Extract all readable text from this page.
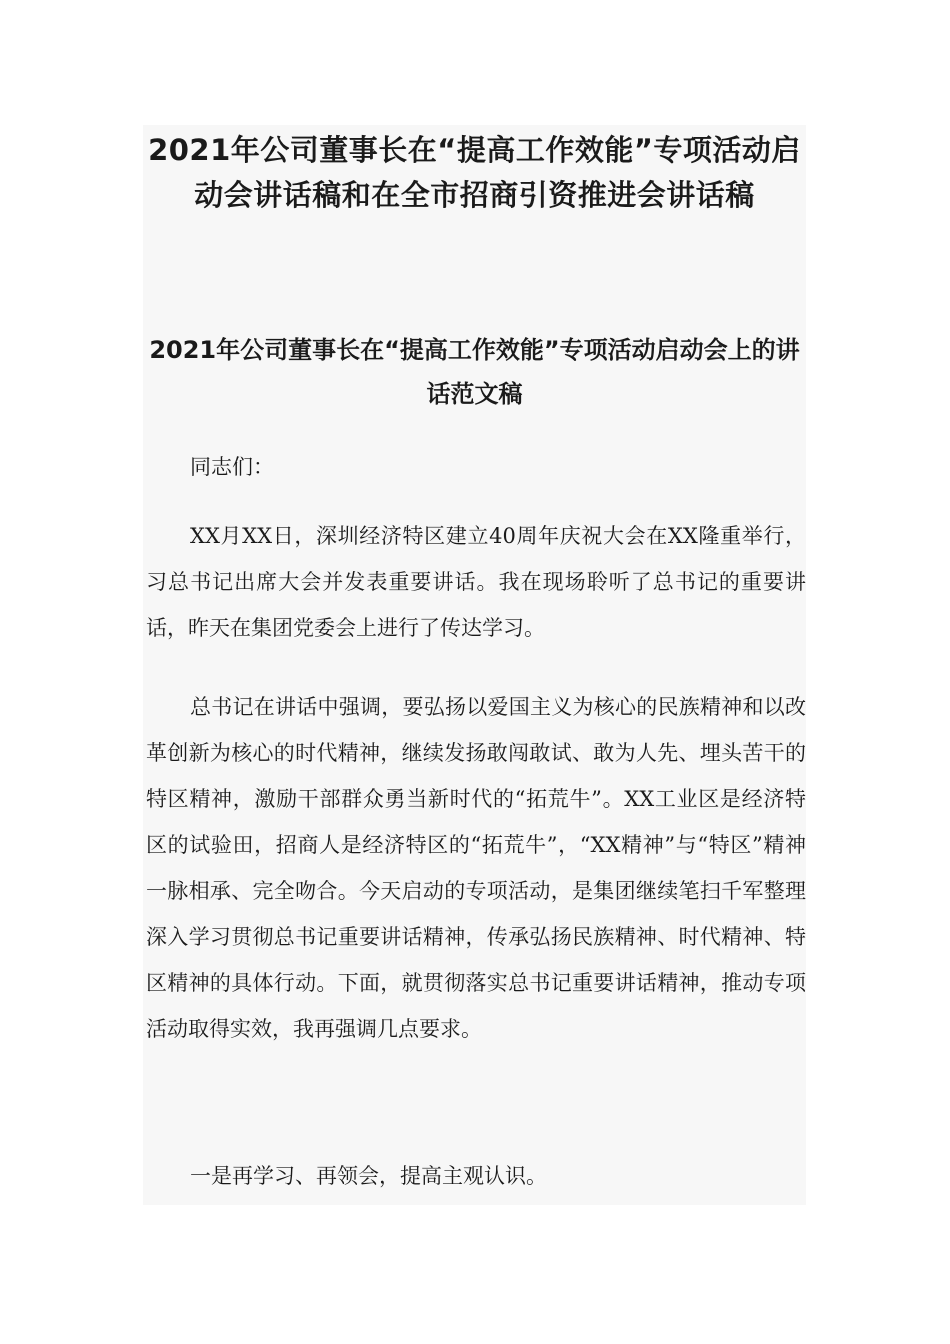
2021年公司董事长在“提高工作效能”专项活动启动会讲话稿和在全市招商引资推进会讲话稿
2021年公司董事长在“提高工作效能”专项活动启动会上的讲话范文稿

同志们：

XX月XX日，深圳经济特区建立40周年庆祝大会在XX隆重举行，习总书记出席大会并发表重要讲话。我在现场聆听了总书记的重要讲话，昨天在集团党委会上进行了传达学习。

总书记在讲话中强调，要弘扬以爱国主义为核心的民族精神和以改革创新为核心的时代精神，继续发扬敢闯敢试、敢为人先、埋头苦干的特区精神，激励干部群众勇当新时代的“拓荒牛”。XX工业区是经济特区的试验田，招商人是经济特区的“拓荒牛”，“XX精神”与“特区”精神一脉相承、完全吻合。今天启动的专项活动，是集团继续笔扫千军整理深入学习贯彻总书记重要讲话精神，传承弘扬民族精神、时代精神、特区精神的具体行动。下面，就贯彻落实总书记重要讲话精神，推动专项活动取得实效，我再强调几点要求。

一是再学习、再领会，提高主观认识。
